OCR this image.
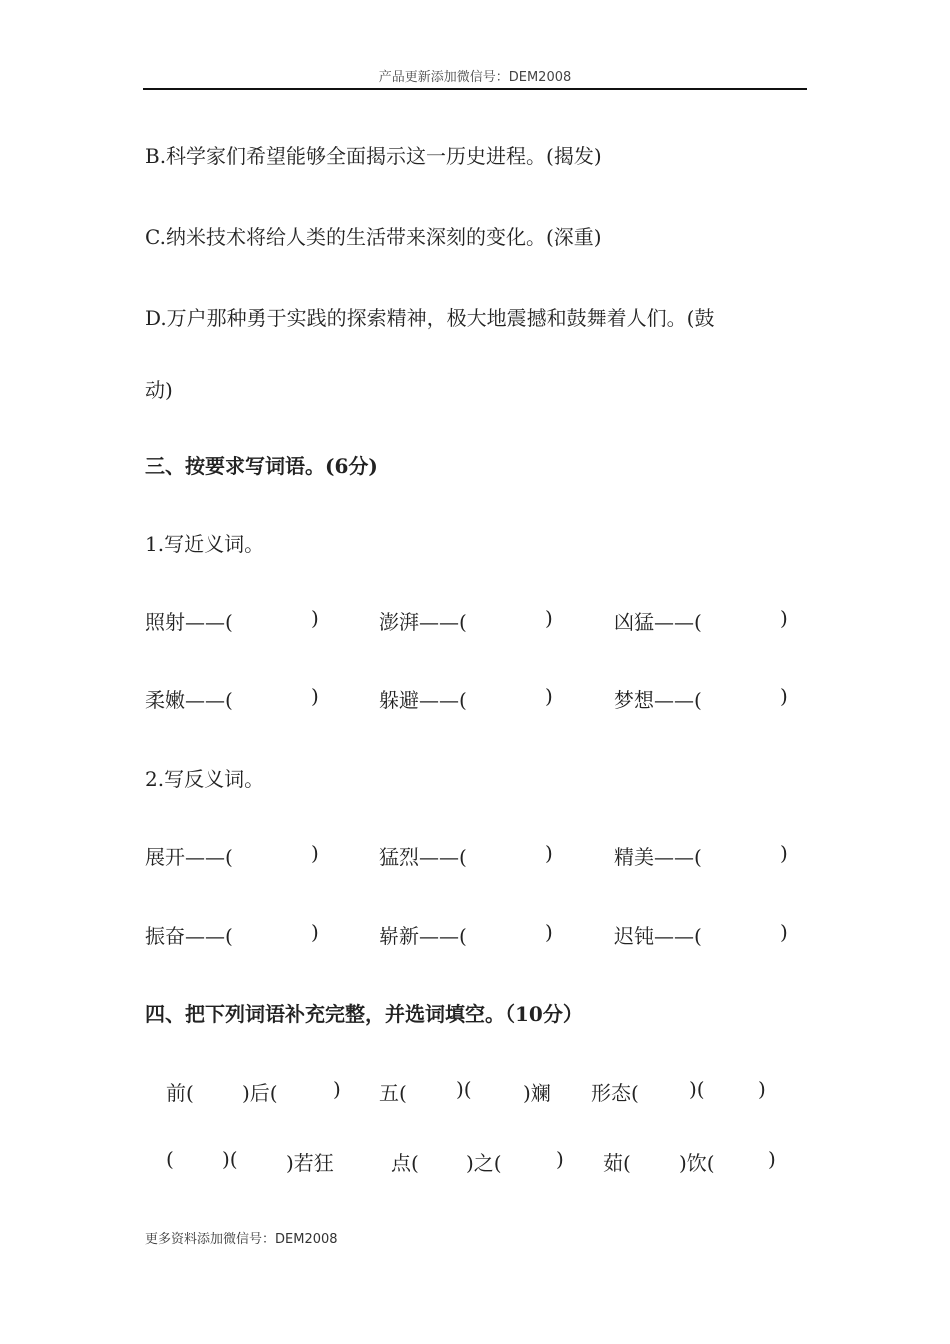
产品更新添加微信号：DEM2008
B.科学家们希望能够全面揭示这一历史进程。(揭发)
C.纳米技术将给人类的生活带来深刻的变化。(深重)
D.万户那种勇于实践的探索精神，极大地震撼和鼓舞着人们。(鼓
动)
三、按要求写词语。(6分)
1.写近义词。
照射——(	)	澎湃——(	)	凶猛——(	)
柔嫩——(	)	躲避——(	)	梦想——(	)
2.写反义词。
展开——(	)	猛烈——(	)	精美——(	)
振奋——(	)	崭新——(	)	迟钝——(	)
四、把下列词语补充完整，并选词填空。（10分）
前( )后(	) 五( )(	)斓 形态(	)(	)
( )( )若狂	点( )之(	) 茹( )饮(	)
更多资料添加微信号：DEM2008
